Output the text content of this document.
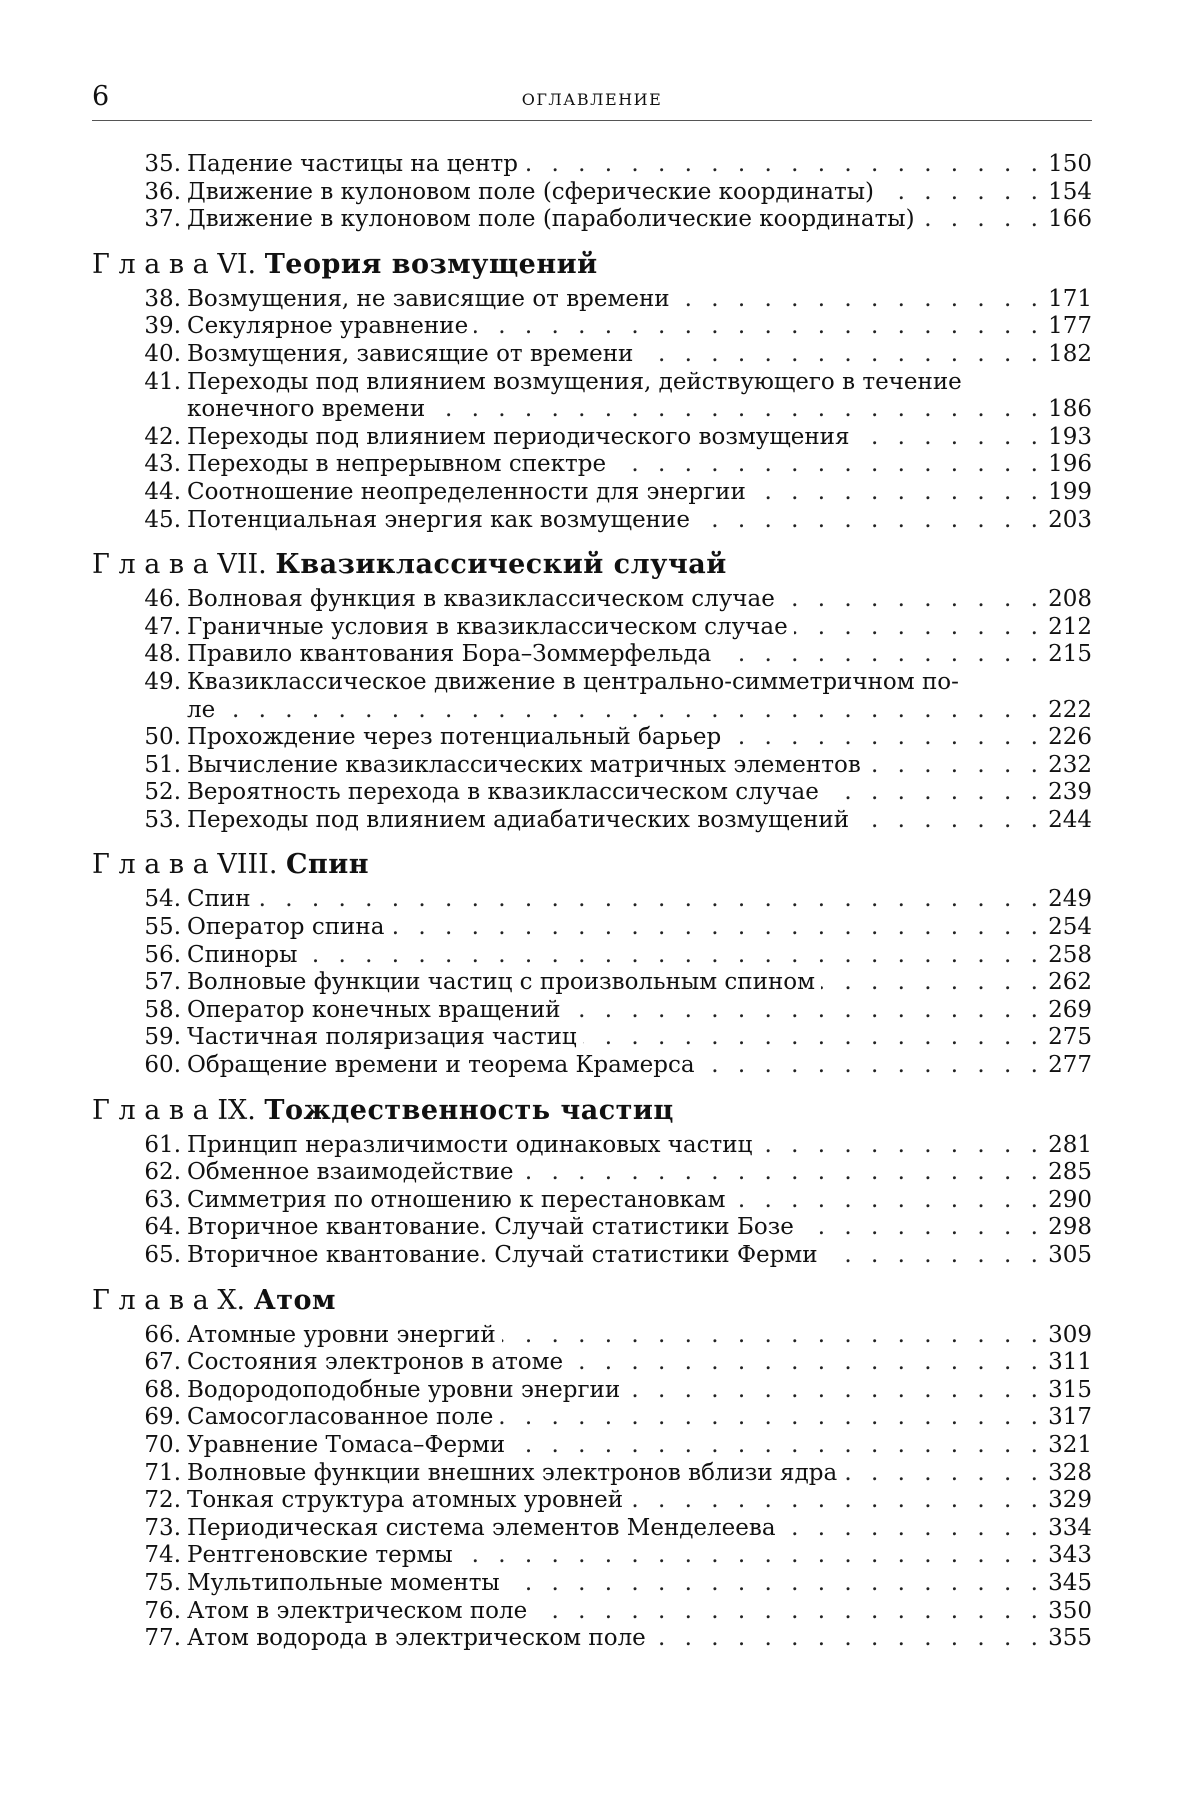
6	ОГЛАВЛЕНИЕ
35. Падение частицы на центр . . .	150
36. Движение в кулоновом поле (сферические координаты) . . .	154
37. Движение в кулоновом поле (параболические координаты) . . .	166
Г л а в а VI. Теория возмущений
38. Возмущения, не зависящие от времени . . .	171
39. Секулярное уравнение . . .	177
40. Возмущения, зависящие от времени . . .	182
41. Переходы под влиянием возмущения, действующего в течение
конечного времени . . .	186
42. Переходы под влиянием периодического возмущения . . .	193
43. Переходы в непрерывном спектре . . .	196
44. Соотношение неопределенности для энергии . . .	199
45. Потенциальная энергия как возмущение . . .	203
Г л а в а VII. Квазиклассический случай
46. Волновая функция в квазиклассическом случае . . .	208
47. Граничные условия в квазиклассическом случае . . .	212
48. Правило квантования Бора–Зоммерфельда . . .	215
49. Квазиклассическое движение в центрально-симметричном по-
ле . . .	222
50. Прохождение через потенциальный барьер . . .	226
51. Вычисление квазиклассических матричных элементов . . .	232
52. Вероятность перехода в квазиклассическом случае . . .	239
53. Переходы под влиянием адиабатических возмущений . . .	244
Г л а в а VIII. Спин
54. Спин . . .	249
55. Оператор спина . . .	254
56. Спиноры . . .	258
57. Волновые функции частиц с произвольным спином . . .	262
58. Оператор конечных вращений . . .	269
59. Частичная поляризация частиц . . .	275
60. Обращение времени и теорема Крамерса . . .	277
Г л а в а IX. Тождественность частиц
61. Принцип неразличимости одинаковых частиц . . .	281
62. Обменное взаимодействие . . .	285
63. Симметрия по отношению к перестановкам . . .	290
64. Вторичное квантование. Случай статистики Бозе . . .	298
65. Вторичное квантование. Случай статистики Ферми . . .	305
Г л а в а X. Атом
66. Атомные уровни энергий . . .	309
67. Состояния электронов в атоме . . .	311
68. Водородоподобные уровни энергии . . .	315
69. Самосогласованное поле . . .	317
70. Уравнение Томаса–Ферми . . .	321
71. Волновые функции внешних электронов вблизи ядра . . .	328
72. Тонкая структура атомных уровней . . .	329
73. Периодическая система элементов Менделеева . . .	334
74. Рентгеновские термы . . .	343
75. Мультипольные моменты . . .	345
76. Атом в электрическом поле . . .	350
77. Атом водорода в электрическом поле . . .	355
